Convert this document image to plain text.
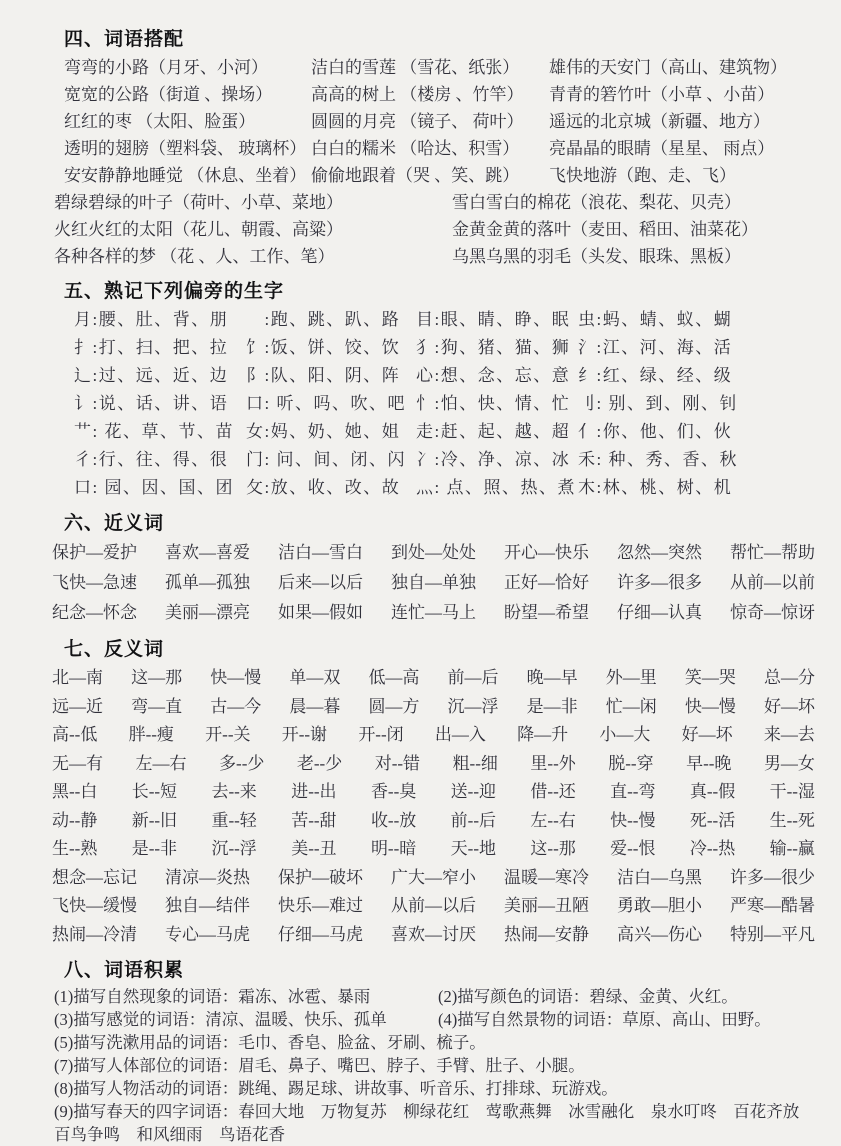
四、词语搭配
弯弯的小路（月牙、小河）	洁白的雪莲 （雪花、纸张）	雄伟的天安门（高山、建筑物）
宽宽的公路（街道 、操场）	高高的树上 （楼房 、竹竿）	青青的箬竹叶（小草 、小苗）
红红的枣 （太阳、脸蛋）	圆圆的月亮 （镜子、 荷叶）	遥远的北京城（新疆、地方）
透明的翅膀（塑料袋、 玻璃杯） 白白的糯米 （哈达、积雪）	亮晶晶的眼睛（星星、 雨点）
安安静静地睡觉 （休息、坐着） 偷偷地跟着（哭 、笑、跳）	飞快地游（跑、走、飞）
碧绿碧绿的叶子（荷叶、小草、菜地）	雪白雪白的棉花（浪花、梨花、贝壳）
火红火红的太阳（花儿、朝霞、高粱）	金黄金黄的落叶（麦田、稻田、油菜花）
各种各样的梦 （花 、人、工作、笔）	乌黑乌黑的羽毛（头发、眼珠、黑板）
五、熟记下列偏旁的生字
月:腰、肚、背、朋	　:跑、跳、趴、路 目:眼、睛、睁、眠 虫:蚂、蜻、蚁、蝴
扌:打、扫、把、拉	饣:饭、饼、饺、饮 犭:狗、猪、猫、狮 氵:江、河、海、活
辶:过、远、近、边	阝:队、阳、阴、阵 心:想、念、忘、意 纟:红、绿、经、级
讠:说、话、讲、语	口: 听、吗、吹、吧 忄:怕、快、情、忙 刂: 别、到、刚、钊
艹: 花、草、节、苗 女:妈、奶、她、姐 走:赶、起、越、超 亻:你、他、们、伙
彳:行、往、得、很	门: 问、间、闭、闪 冫:冷、净、凉、冰 禾: 种、秀、香、秋
口: 园、因、国、团 攵:放、收、改、故 灬: 点、照、热、煮 木:林、桃、树、机
六、近义词
保护—爱护 喜欢—喜爱 洁白—雪白 到处—处处 开心—快乐 忽然—突然 帮忙—帮助
飞快—急速 孤单—孤独 后来—以后 独自—单独 正好—恰好 许多—很多 从前—以前
纪念—怀念 美丽—漂亮 如果—假如 连忙—马上 盼望—希望 仔细—认真 惊奇—惊讶
七、反义词
北—南 这—那 快—慢 单—双 低—高 前—后 晚—早 外—里 笑—哭 总—分
远—近 弯—直 古—今 晨—暮 圆—方 沉—浮 是—非 忙—闲 快—慢 好—坏
高--低 胖--瘦 开--关 开--谢 开--闭 出—入 降—升 小—大 好—坏 来—去
无—有 左—右 多--少 老--少 对--错 粗--细 里--外 脱--穿 早--晚 男—女
黑--白 长--短 去--来 进--出 香--臭 送--迎 借--还 直--弯 真--假 干--湿
动--静 新--旧 重--轻 苦--甜 收--放 前--后 左--右 快--慢 死--活 生--死
生--熟 是--非 沉--浮 美--丑 明--暗 天--地 这--那 爱--恨 冷--热 输--赢
想念—忘记 清凉—炎热 保护—破坏 广大—窄小 温暖—寒冷 洁白—乌黑 许多—很少
飞快—缓慢 独自—结伴 快乐—难过 从前—以后 美丽—丑陋 勇敢—胆小 严寒—酷暑
热闹—冷清 专心—马虎 仔细—马虎 喜欢—讨厌 热闹—安静 高兴—伤心 特别—平凡
八、词语积累
(1)描写自然现象的词语：霜冻、冰雹、暴雨	(2)描写颜色的词语：碧绿、金黄、火红。
(3)描写感觉的词语：清凉、温暖、快乐、孤单	(4)描写自然景物的词语：草原、高山、田野。
(5)描写洗漱用品的词语：毛巾、香皂、脸盆、牙刷、梳子。
(7)描写人体部位的词语：眉毛、鼻子、嘴巴、脖子、手臂、肚子、小腿。
(8)描写人物活动的词语：跳绳、踢足球、讲故事、听音乐、打排球、玩游戏。
(9)描写春天的四字词语：春回大地　万物复苏　柳绿花红　莺歌燕舞　冰雪融化　泉水叮咚　百花齐放　百鸟争鸣　和风细雨　鸟语花香
